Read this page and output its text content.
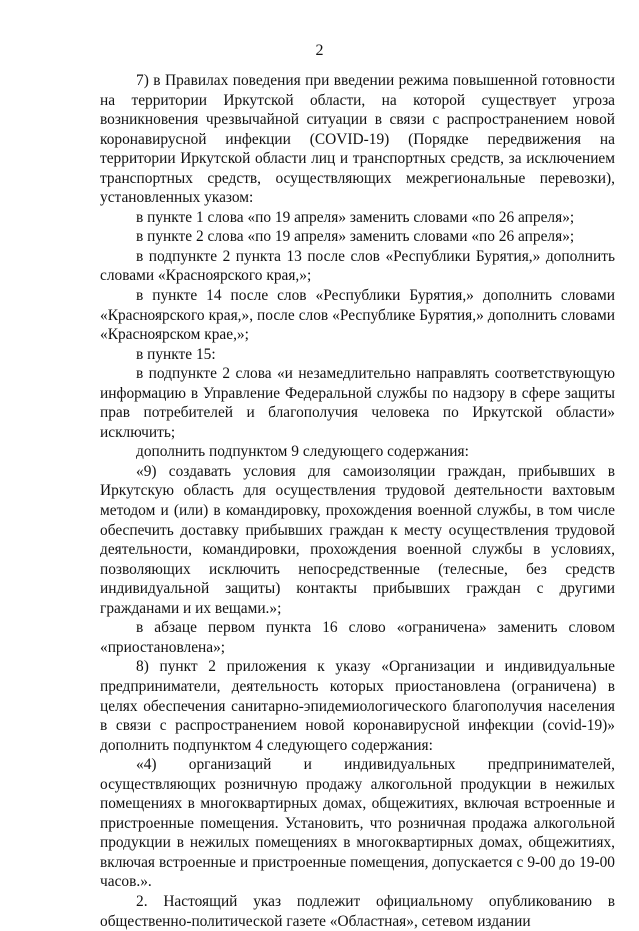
2

7) в Правилах поведения при введении режима повышенной готовности на территории Иркутской области, на которой существует угроза возникновения чрезвычайной ситуации в связи с распространением новой коронавирусной инфекции (COVID-19) (Порядке передвижения на территории Иркутской области лиц и транспортных средств, за исключением транспортных средств, осуществляющих межрегиональные перевозки), установленных указом:

в пункте 1 слова «по 19 апреля» заменить словами «по 26 апреля»;

в пункте 2 слова «по 19 апреля» заменить словами «по 26 апреля»;

в подпункте 2 пункта 13 после слов «Республики Бурятия,» дополнить словами «Красноярского края,»;

в пункте 14 после слов «Республики Бурятия,» дополнить словами «Красноярского края,», после слов «Республике Бурятия,» дополнить словами «Красноярском крае,»;

в пункте 15:

в подпункте 2 слова «и незамедлительно направлять соответствующую информацию в Управление Федеральной службы по надзору в сфере защиты прав потребителей и благополучия человека по Иркутской области» исключить;

дополнить подпунктом 9 следующего содержания:

«9) создавать условия для самоизоляции граждан, прибывших в Иркутскую область для осуществления трудовой деятельности вахтовым методом и (или) в командировку, прохождения военной службы, в том числе обеспечить доставку прибывших граждан к месту осуществления трудовой деятельности, командировки, прохождения военной службы в условиях, позволяющих исключить непосредственные (телесные, без средств индивидуальной защиты) контакты прибывших граждан с другими гражданами и их вещами.»;

в абзаце первом пункта 16 слово «ограничена» заменить словом «приостановлена»;

8) пункт 2 приложения к указу «Организации и индивидуальные предприниматели, деятельность которых приостановлена (ограничена) в целях обеспечения санитарно-эпидемиологического благополучия населения в связи с распространением новой коронавирусной инфекции (covid-19)» дополнить подпунктом 4 следующего содержания:

«4) организаций и индивидуальных предпринимателей, осуществляющих розничную продажу алкогольной продукции в нежилых помещениях в многоквартирных домах, общежитиях, включая встроенные и пристроенные помещения. Установить, что розничная продажа алкогольной продукции в нежилых помещениях в многоквартирных домах, общежитиях, включая встроенные и пристроенные помещения, допускается с 9-00 до 19-00 часов.».

2. Настоящий указ подлежит официальному опубликованию в общественно-политической газете «Областная», сетевом издании
